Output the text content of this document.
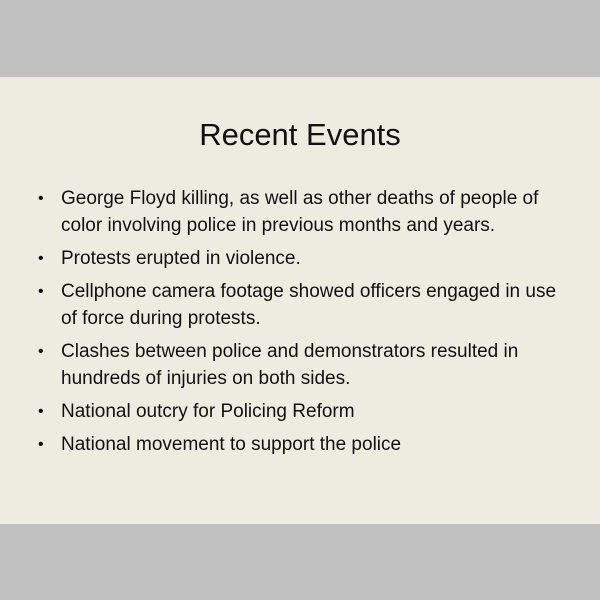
Recent Events
• George Floyd killing, as well as other deaths of people of color involving police in previous months and years.
• Protests erupted in violence.
• Cellphone camera footage showed officers engaged in use of force during protests.
• Clashes between police and demonstrators resulted in hundreds of injuries on both sides.
• National outcry for Policing Reform
• National movement to support the police
